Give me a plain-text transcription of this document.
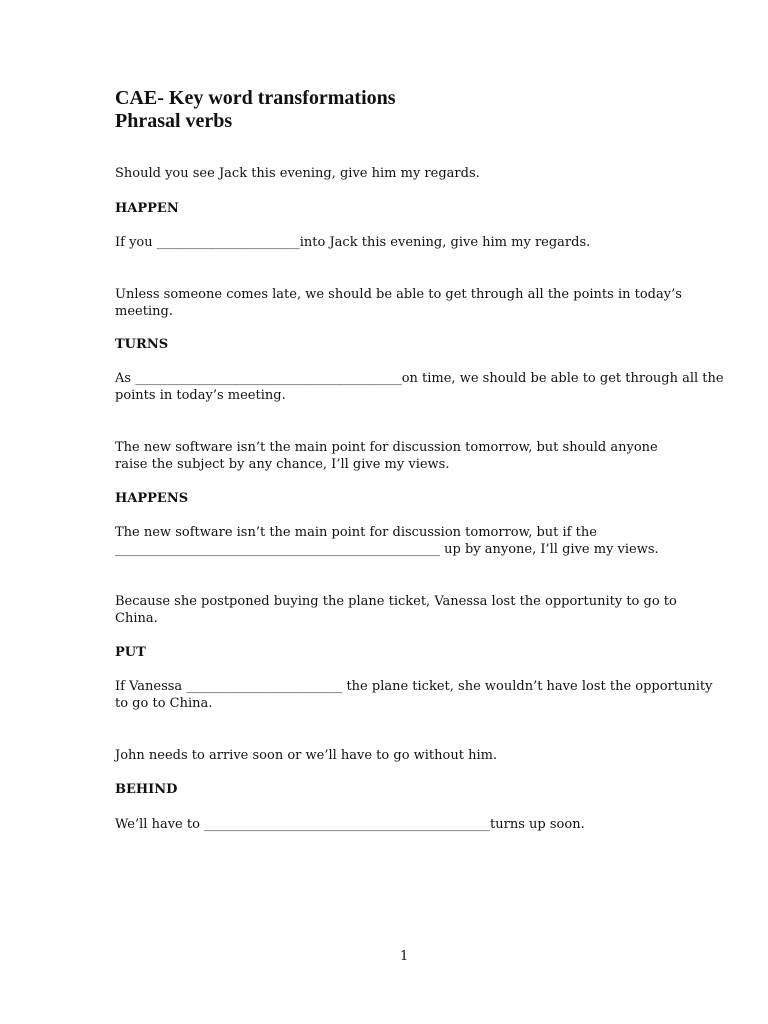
CAE- Key word transformations
Phrasal verbs
Should you see Jack this evening, give him my regards.
HAPPEN
If you ______________________into Jack this evening, give him my regards.
Unless someone comes late, we should be able to get through all the points in today’s
meeting.
TURNS
As _________________________________________on time, we should be able to get through all the
points in today’s meeting.
The new software isn’t the main point for discussion tomorrow, but should anyone
raise the subject by any chance, I’ll give my views.
HAPPENS
The new software isn’t the main point for discussion tomorrow, but if the
__________________________________________________ up by anyone, I’ll give my views.
Because she postponed buying the plane ticket, Vanessa lost the opportunity to go to
China.
PUT
If Vanessa ________________________ the plane ticket, she wouldn’t have lost the opportunity
to go to China.
John needs to arrive soon or we’ll have to go without him.
BEHIND
We’ll have to ____________________________________________turns up soon.
1
